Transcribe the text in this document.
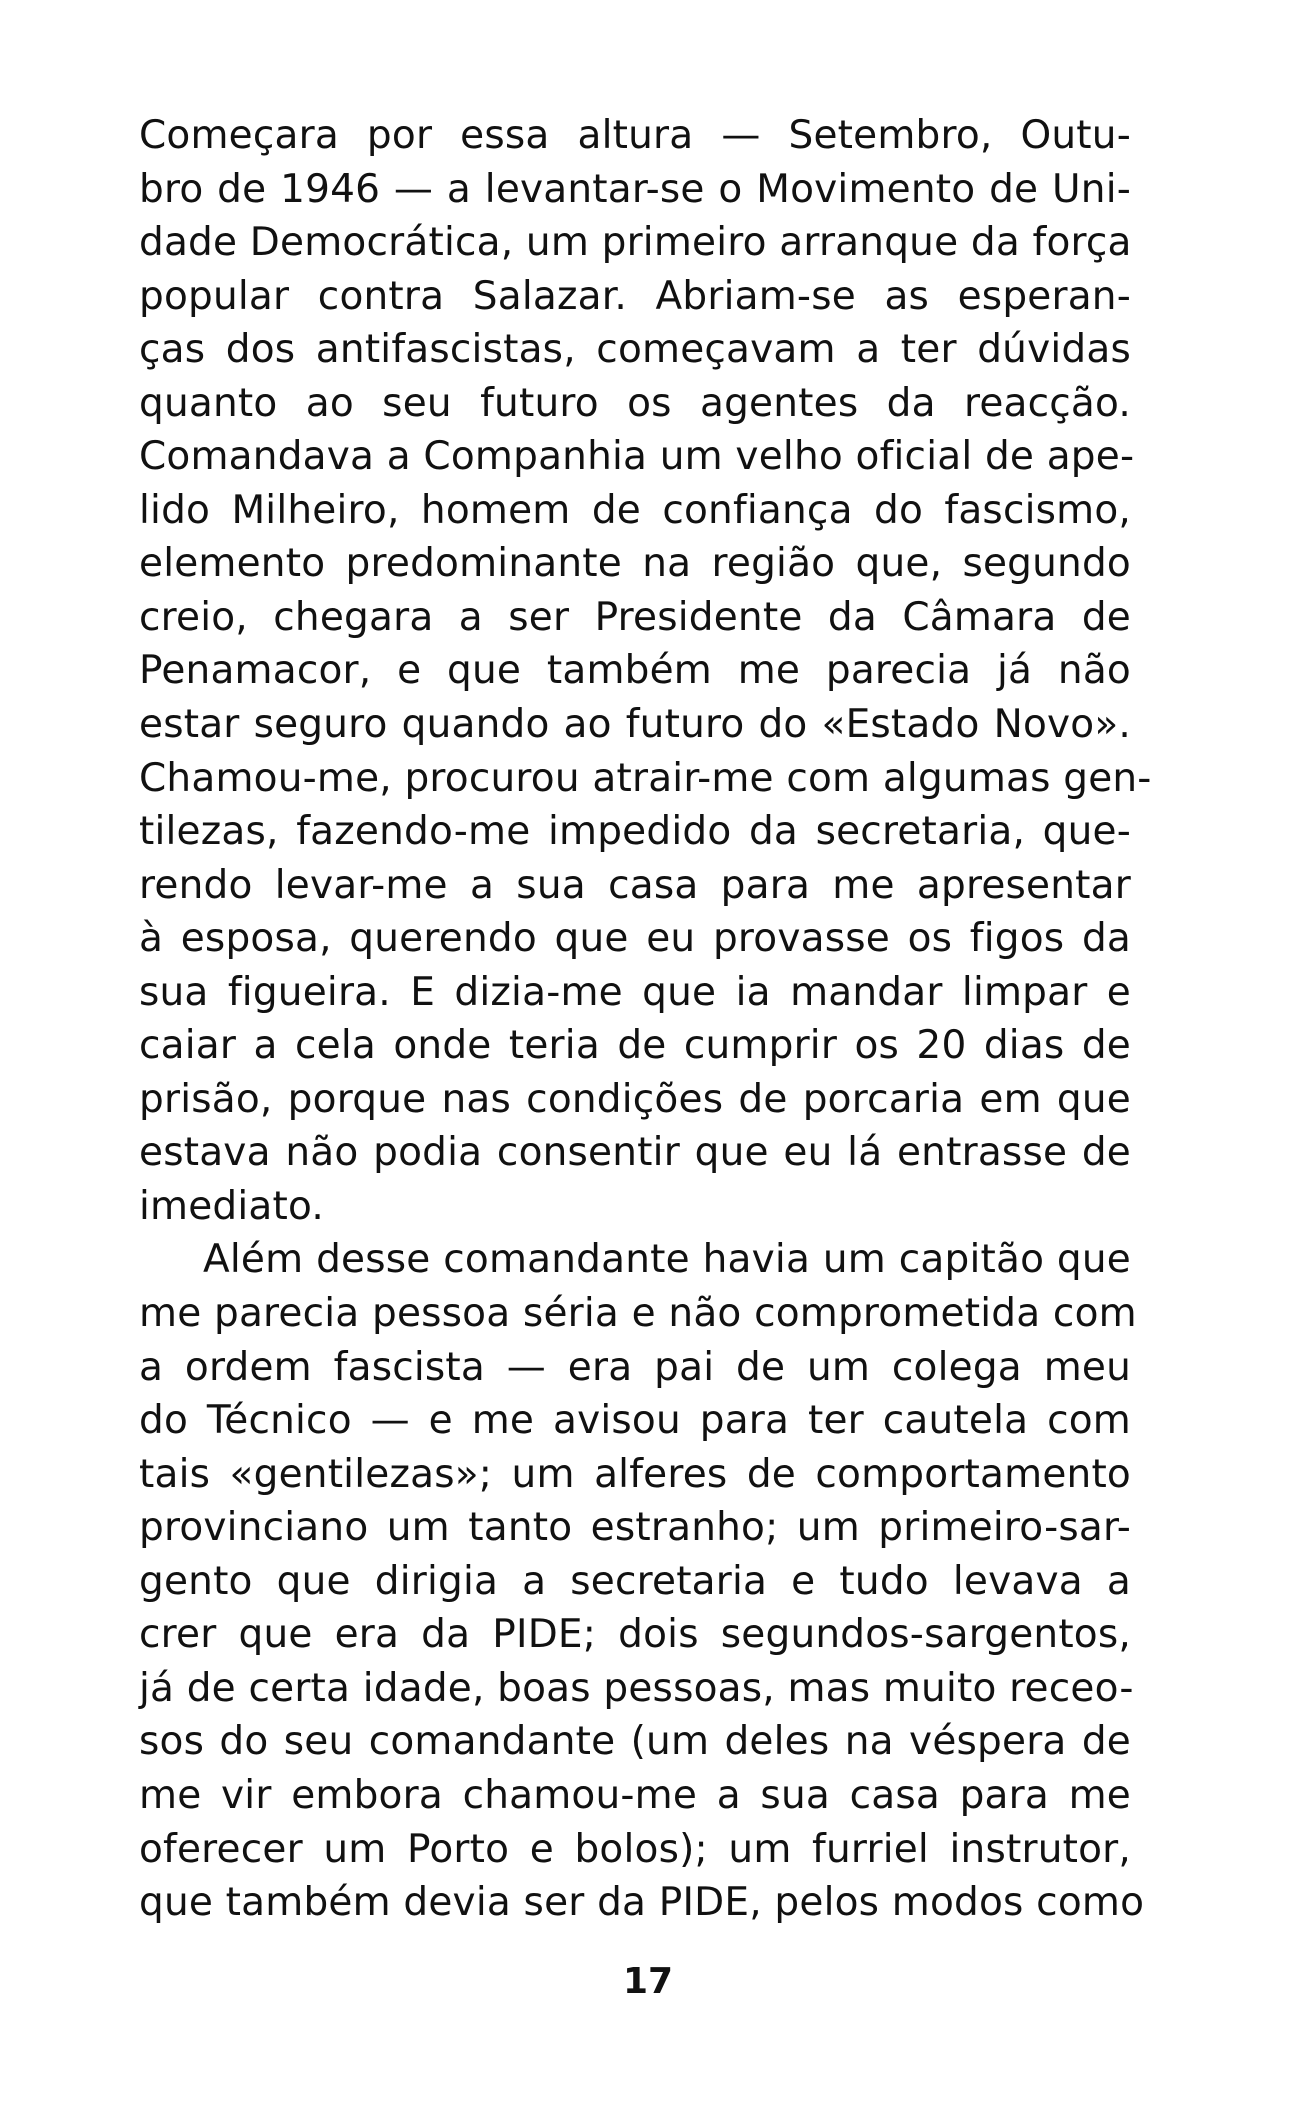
Começara por essa altura — Setembro, Outu-
bro de 1946 — a levantar-se o Movimento de Uni-
dade Democrática, um primeiro arranque da força
popular contra Salazar. Abriam-se as esperan-
ças dos antifascistas, começavam a ter dúvidas
quanto ao seu futuro os agentes da reacção.
Comandava a Companhia um velho oficial de ape-
lido Milheiro, homem de confiança do fascismo,
elemento predominante na região que, segundo
creio, chegara a ser Presidente da Câmara de
Penamacor, e que também me parecia já não
estar seguro quando ao futuro do «Estado Novo».
Chamou-me, procurou atrair-me com algumas gen-
tilezas, fazendo-me impedido da secretaria, que-
rendo levar-me a sua casa para me apresentar
à esposa, querendo que eu provasse os figos da
sua figueira. E dizia-me que ia mandar limpar e
caiar a cela onde teria de cumprir os 20 dias de
prisão, porque nas condições de porcaria em que
estava não podia consentir que eu lá entrasse de
imediato.
Além desse comandante havia um capitão que
me parecia pessoa séria e não comprometida com
a ordem fascista — era pai de um colega meu
do Técnico — e me avisou para ter cautela com
tais «gentilezas»; um alferes de comportamento
provinciano um tanto estranho; um primeiro-sar-
gento que dirigia a secretaria e tudo levava a
crer que era da PIDE; dois segundos-sargentos,
já de certa idade, boas pessoas, mas muito receo-
sos do seu comandante (um deles na véspera de
me vir embora chamou-me a sua casa para me
oferecer um Porto e bolos); um furriel instrutor,
que também devia ser da PIDE, pelos modos como
17
